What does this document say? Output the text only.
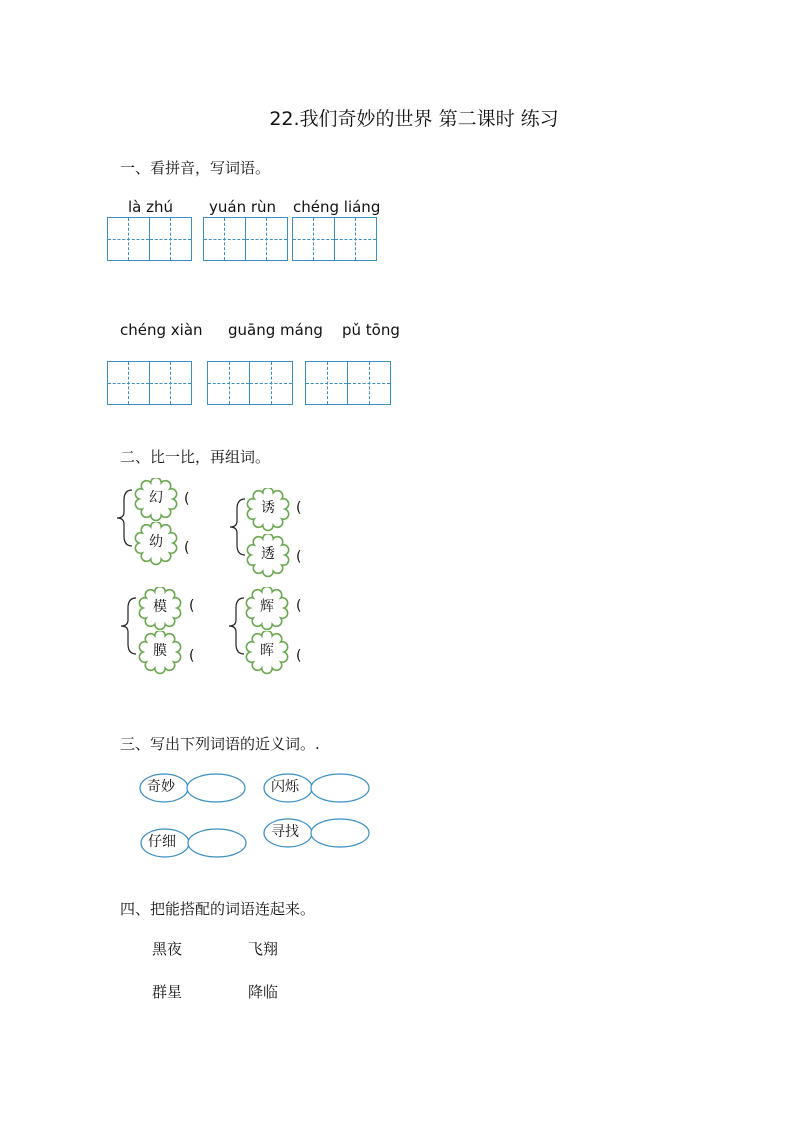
22.我们奇妙的世界 第二课时 练习
一、看拼音，写词语。
là zhú yuán rùn chéng liáng
chéng xiàn guāng máng pǔ tōng
二、比一比，再组词。
幻
幼
诱
透
模
膜
辉
晖
(
(
(
(
(
(
(
(
三、写出下列词语的近义词。.
奇妙	闪烁
仔细
寻找
四、把能搭配的词语连起来。
黑夜	飞翔
群星	降临
